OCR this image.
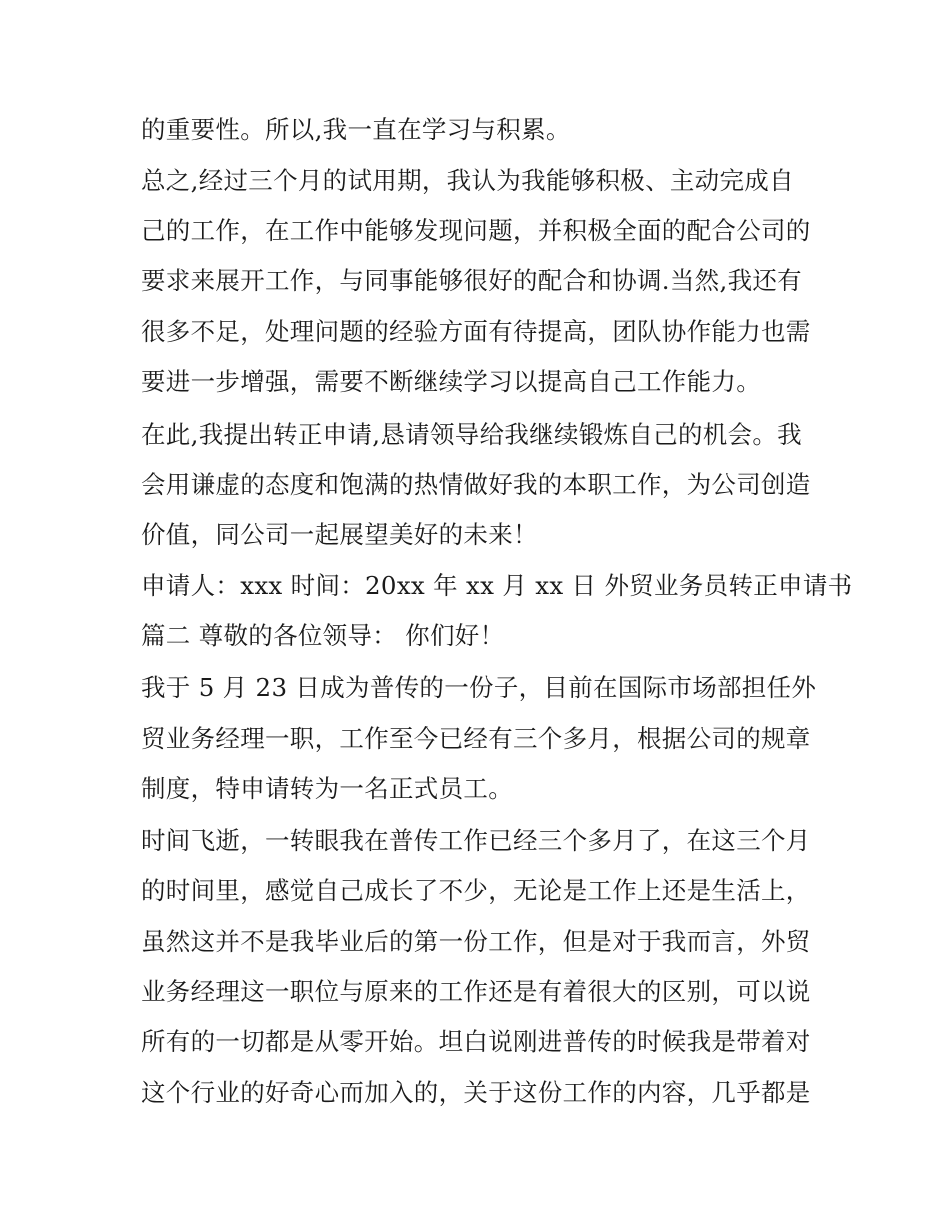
的重要性。所以,我一直在学习与积累。
总之,经过三个月的试用期，我认为我能够积极、主动完成自
己的工作，在工作中能够发现问题，并积极全面的配合公司的
要求来展开工作，与同事能够很好的配合和协调.当然,我还有
很多不足，处理问题的经验方面有待提高，团队协作能力也需
要进一步增强，需要不断继续学习以提高自己工作能力。
在此,我提出转正申请,恳请领导给我继续锻炼自己的机会。我
会用谦虚的态度和饱满的热情做好我的本职工作，为公司创造
价值，同公司一起展望美好的未来！
申请人：xxx 时间：20xx 年 xx 月 xx 日 外贸业务员转正申请书
篇二 尊敬的各位领导： 你们好！
我于 5 月 23 日成为普传的一份子，目前在国际市场部担任外
贸业务经理一职，工作至今已经有三个多月，根据公司的规章
制度，特申请转为一名正式员工。
时间飞逝，一转眼我在普传工作已经三个多月了，在这三个月
的时间里，感觉自己成长了不少，无论是工作上还是生活上，
虽然这并不是我毕业后的第一份工作，但是对于我而言，外贸
业务经理这一职位与原来的工作还是有着很大的区别，可以说
所有的一切都是从零开始。坦白说刚进普传的时候我是带着对
这个行业的好奇心而加入的，关于这份工作的内容，几乎都是
